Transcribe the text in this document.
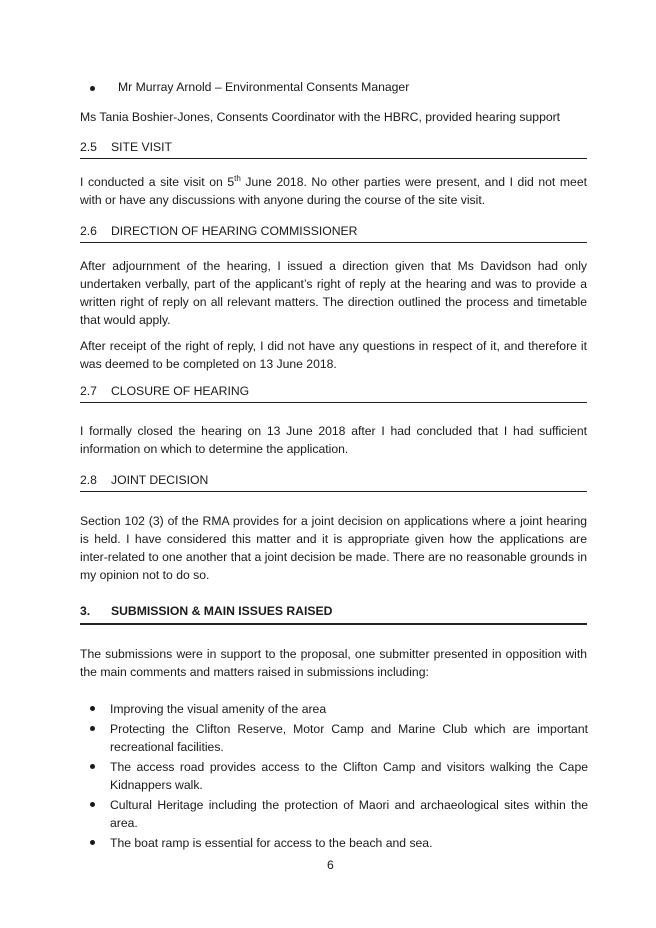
Mr Murray Arnold – Environmental Consents Manager
Ms Tania Boshier-Jones, Consents Coordinator with the HBRC, provided hearing support
2.5 SITE VISIT

I conducted a site visit on 5th June 2018. No other parties were present, and I did not meet with or have any discussions with anyone during the course of the site visit.

2.6 DIRECTION OF HEARING COMMISSIONER

After adjournment of the hearing, I issued a direction given that Ms Davidson had only undertaken verbally, part of the applicant’s right of reply at the hearing and was to provide a written right of reply on all relevant matters. The direction outlined the process and timetable that would apply.

After receipt of the right of reply, I did not have any questions in respect of it, and therefore it was deemed to be completed on 13 June 2018.

2.7 CLOSURE OF HEARING

I formally closed the hearing on 13 June 2018 after I had concluded that I had sufficient information on which to determine the application.

2.8 JOINT DECISION

Section 102 (3) of the RMA provides for a joint decision on applications where a joint hearing is held. I have considered this matter and it is appropriate given how the applications are inter-related to one another that a joint decision be made. There are no reasonable grounds in my opinion not to do so.

3. SUBMISSION & MAIN ISSUES RAISED

The submissions were in support to the proposal, one submitter presented in opposition with the main comments and matters raised in submissions including:

Improving the visual amenity of the area
Protecting the Clifton Reserve, Motor Camp and Marine Club which are important recreational facilities.
The access road provides access to the Clifton Camp and visitors walking the Cape Kidnappers walk.
Cultural Heritage including the protection of Maori and archaeological sites within the area.
The boat ramp is essential for access to the beach and sea.
6
